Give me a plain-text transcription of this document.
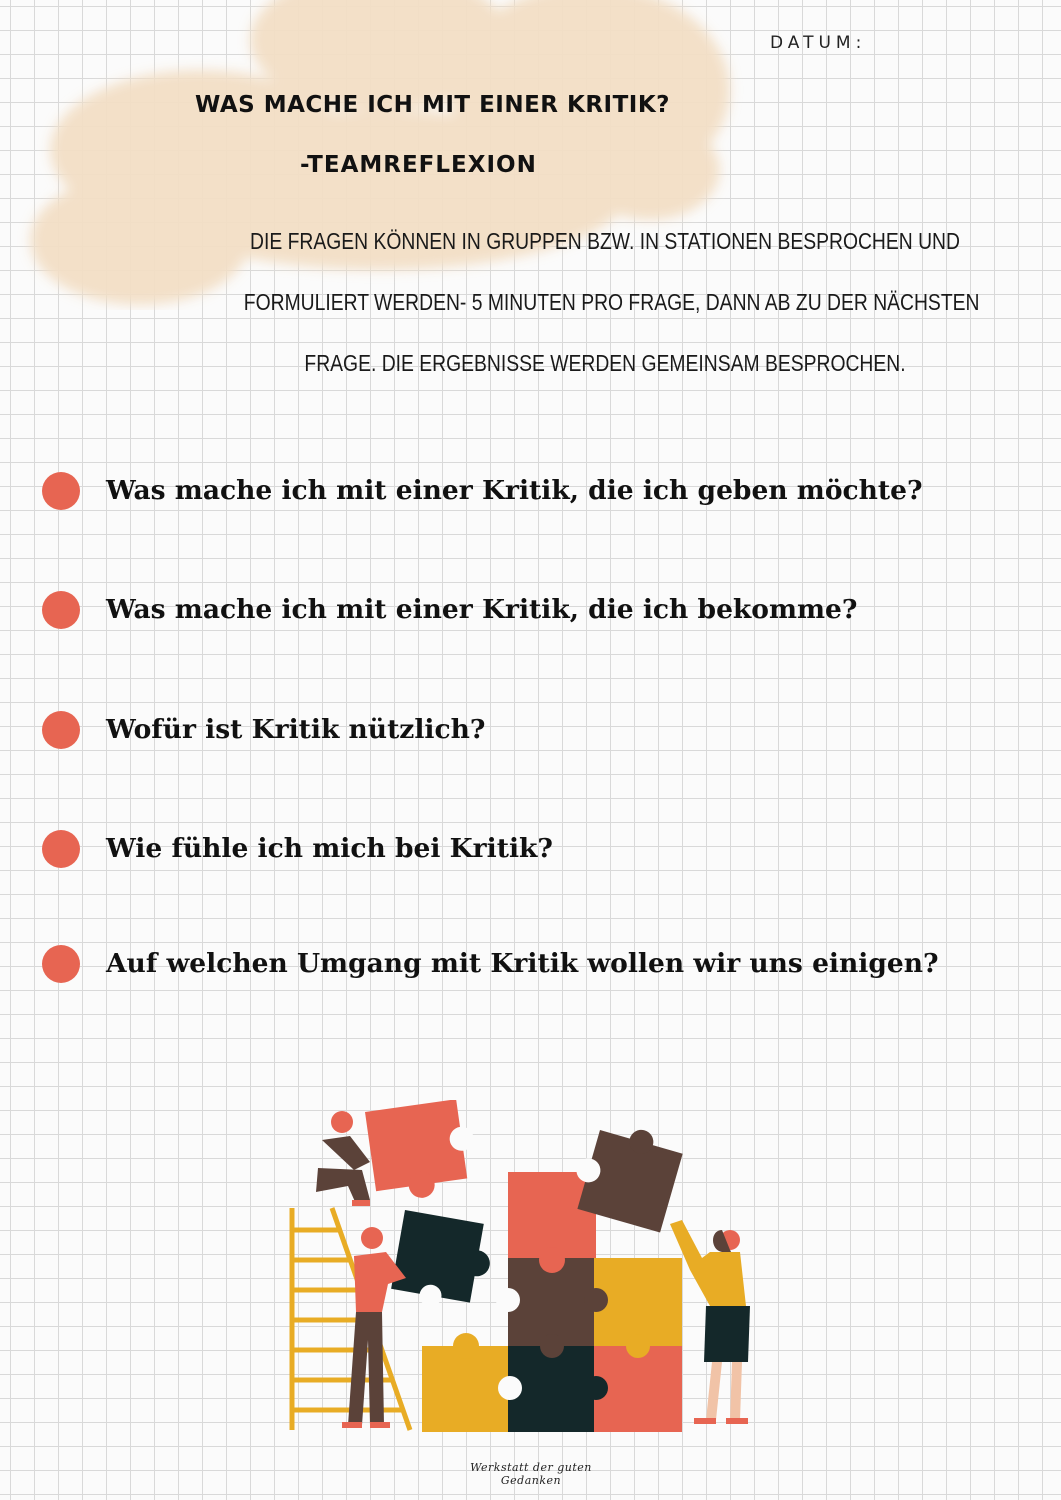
DATUM:
WAS MACHE ICH MIT EINER KRITIK?
-TEAMREFLEXION

DIE FRAGEN KÖNNEN IN GRUPPEN BZW. IN STATIONEN BESPROCHEN UND

FORMULIERT WERDEN- 5 MINUTEN PRO FRAGE, DANN AB ZU DER NÄCHSTEN

FRAGE. DIE ERGEBNISSE WERDEN GEMEINSAM BESPROCHEN.

Was mache ich mit einer Kritik, die ich geben möchte?
Was mache ich mit einer Kritik, die ich bekomme?
Wofür ist Kritik nützlich?
Wie fühle ich mich bei Kritik?
Auf welchen Umgang mit Kritik wollen wir uns einigen?
Werkstatt der guten Gedanken
